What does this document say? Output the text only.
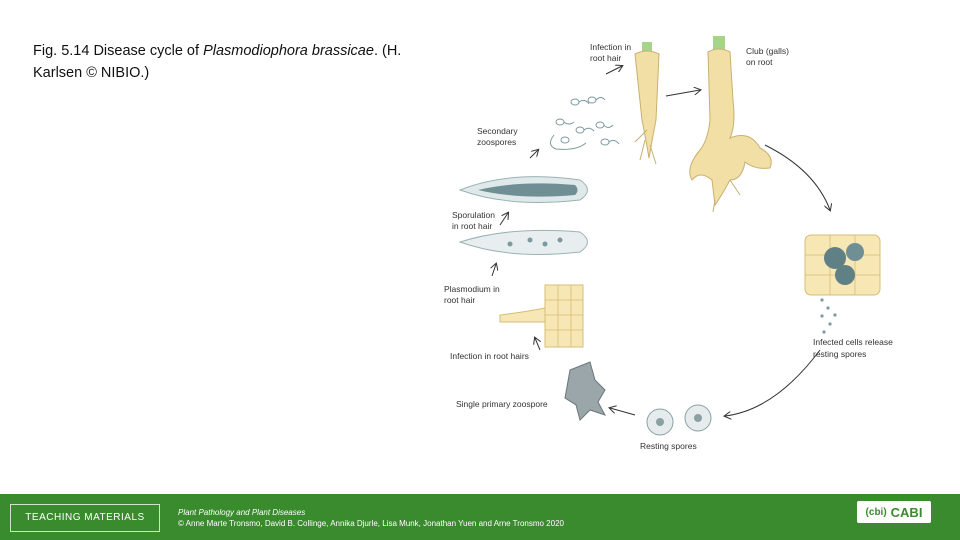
Fig. 5.14 Disease cycle of Plasmodiophora brassicae. (H. Karlsen © NIBIO.)
Infection in
root hair
Club (galls)
on root
Secondary
zoospores
Sporulation
in root hair
Plasmodium in
root hair
Infection in root hairs
Infected cells release
resting spores
Single primary zoospore
Resting spores
TEACHING MATERIALS	Plant Pathology and Plant Diseases
© Anne Marte Tronsmo, David B. Collinge, Annika Djurle, Lisa Munk, Jonathan Yuen and Arne Tronsmo 2020
(cbi) CABI
